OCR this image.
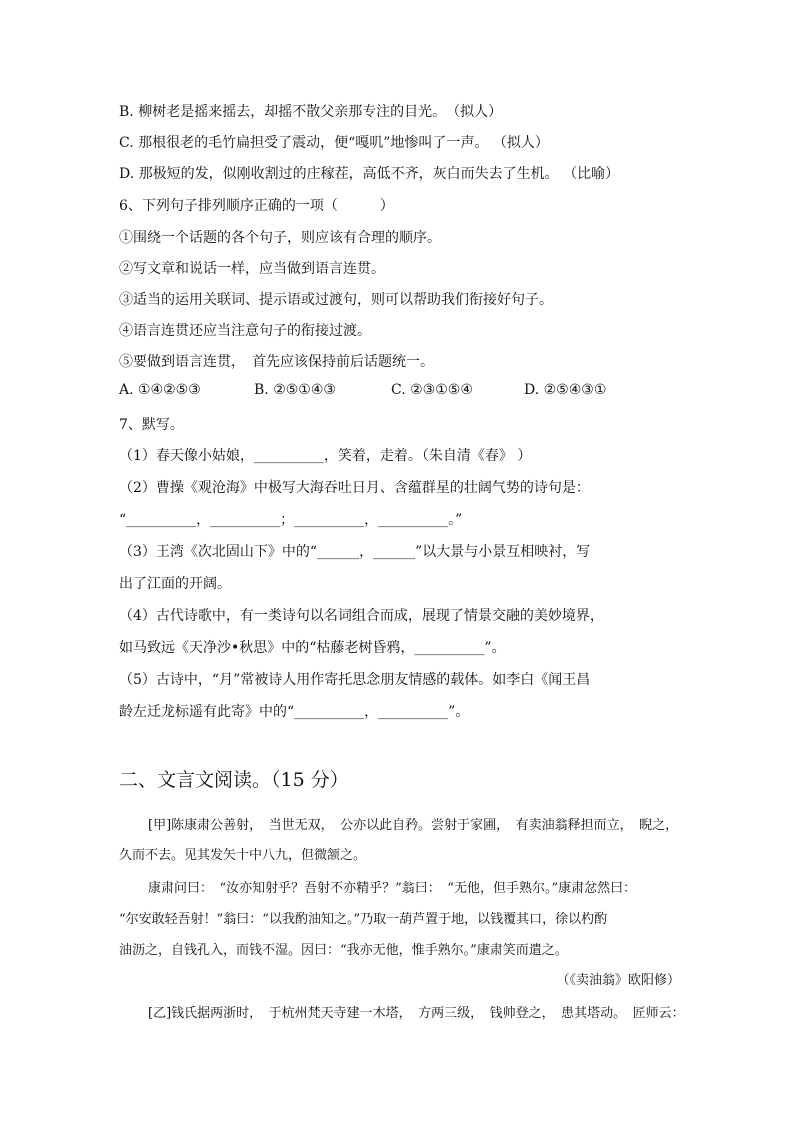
B. 柳树老是摇来摇去，却摇不散父亲那专注的目光。　（拟人）
C. 那根很老的毛竹扁担受了震动，便“嘎叽”地惨叫了一声。 （拟人）
D. 那极短的发，似刚收割过的庄稼茬，高低不齐，灰白而失去了生机。 （比喻）
6、下列句子排列顺序正确的一项（　　　）
①围绕一个话题的各个句子，则应该有合理的顺序。
②写文章和说话一样，应当做到语言连贯。
③适当的运用关联词、提示语或过渡句，则可以帮助我们衔接好句子。
④语言连贯还应当注意句子的衔接过渡。
⑤要做到语言连贯，　首先应该保持前后话题统一。
A. ①④②⑤③	B. ②⑤①④③	C. ②③①⑤④	D. ②⑤④③①
7、默写。
（1）春天像小姑娘，__________，笑着，走着。（朱自清《春》 ）
（2）曹操《观沧海》中极写大海吞吐日月、含蕴群星的壮阔气势的诗句是：
“__________，__________；__________，__________。”
（3）王湾《次北固山下》中的“______，______”以大景与小景互相映衬，写
出了江面的开阔。
（4）古代诗歌中，有一类诗句以名词组合而成，展现了情景交融的美妙境界，
如马致远《天净沙•秋思》中的“枯藤老树昏鸦，__________”。
（5）古诗中，“月”常被诗人用作寄托思念朋友情感的载体。如李白《闻王昌
龄左迁龙标遥有此寄》中的“__________，__________”。
二、文言文阅读。（15 分）
[甲]陈康肃公善射，　当世无双，　公亦以此自矜。尝射于家圃，　有卖油翁释担而立，　睨之，
久而不去。见其发矢十中八九，但微颔之。
康肃问曰：　“汝亦知射乎？吾射不亦精乎？”翁曰：　“无他，但手熟尔。”康肃忿然曰：
“尔安敢轻吾射！”翁曰：“以我酌油知之。”乃取一葫芦置于地，以钱覆其口，徐以杓酌
油沥之，自钱孔入，而钱不湿。因曰：“我亦无他，惟手熟尔。”康肃笑而遣之。
（《卖油翁》欧阳修）
[乙]钱氏据两浙时，　于杭州梵天寺建一木塔，　方两三级，　钱帅登之，　患其塔动。　匠师云：
